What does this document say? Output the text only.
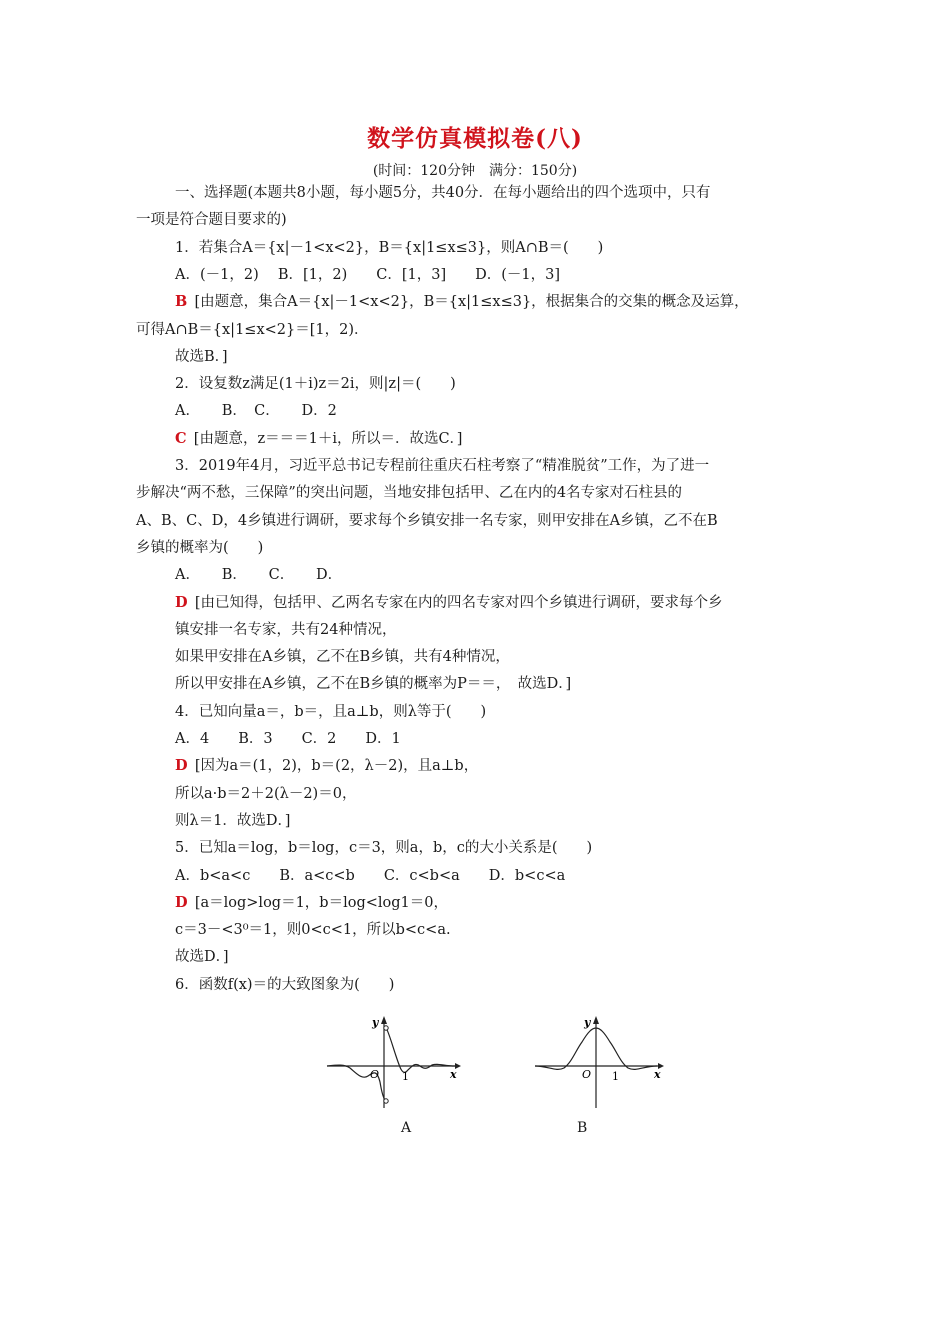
数学仿真模拟卷(八)
(时间：120分钟　满分：150分)
一、选择题(本题共8小题，每小题5分，共40分．在每小题给出的四个选项中，只有
一项是符合题目要求的)
1．若集合A＝{x|－1<x<2}，B＝{x|1≤x≤3}，则A∩B＝(　　)
A．(－1，2)　 B．[1，2)　　C．[1，3]　　D．(－1，3]
B  [由题意，集合A＝{x|－1<x<2}，B＝{x|1≤x≤3}，根据集合的交集的概念及运算，
可得A∩B＝{x|1≤x<2}＝[1，2)．
故选B．]
2．设复数z满足(1＋i)z＝2i，则|z|＝(　　)
A．　　B．　C．　　D．2
C  [由题意，z＝＝＝1＋i，所以＝．故选C．]
3．2019年4月，习近平总书记专程前往重庆石柱考察了“精准脱贫”工作，为了进一
步解决“两不愁，三保障”的突出问题，当地安排包括甲、乙在内的4名专家对石柱县的
A、B、C、D，4乡镇进行调研，要求每个乡镇安排一名专家，则甲安排在A乡镇，乙不在B
乡镇的概率为(　　)
A．　　B．　　C．　　D．
D  [由已知得，包括甲、乙两名专家在内的四名专家对四个乡镇进行调研，要求每个乡
镇安排一名专家，共有24种情况，
如果甲安排在A乡镇，乙不在B乡镇，共有4种情况，
所以甲安排在A乡镇，乙不在B乡镇的概率为P＝＝，　故选D．]
4．已知向量a＝，b＝，且a⊥b，则λ等于(　　)
A．4　　B．3　　C．2　　D．1
D  [因为a＝(1，2)，b＝(2，λ－2)，且a⊥b，
所以a·b＝2＋2(λ－2)＝0，
则λ＝1．故选D．]
5．已知a＝log，b＝log，c＝3，则a，b，c的大小关系是(　　)
A．b<a<c　　B．a<c<b　　C．c<b<a　　D．b<c<a
D  [a＝log>log＝1，b＝log<log1＝0，
c＝3－<3⁰＝1，则0<c<1，所以b<c<a.
故选D．]
6．函数f(x)＝的大致图象为(　　)
y
x
O 1
y
x
O 1
A	B
